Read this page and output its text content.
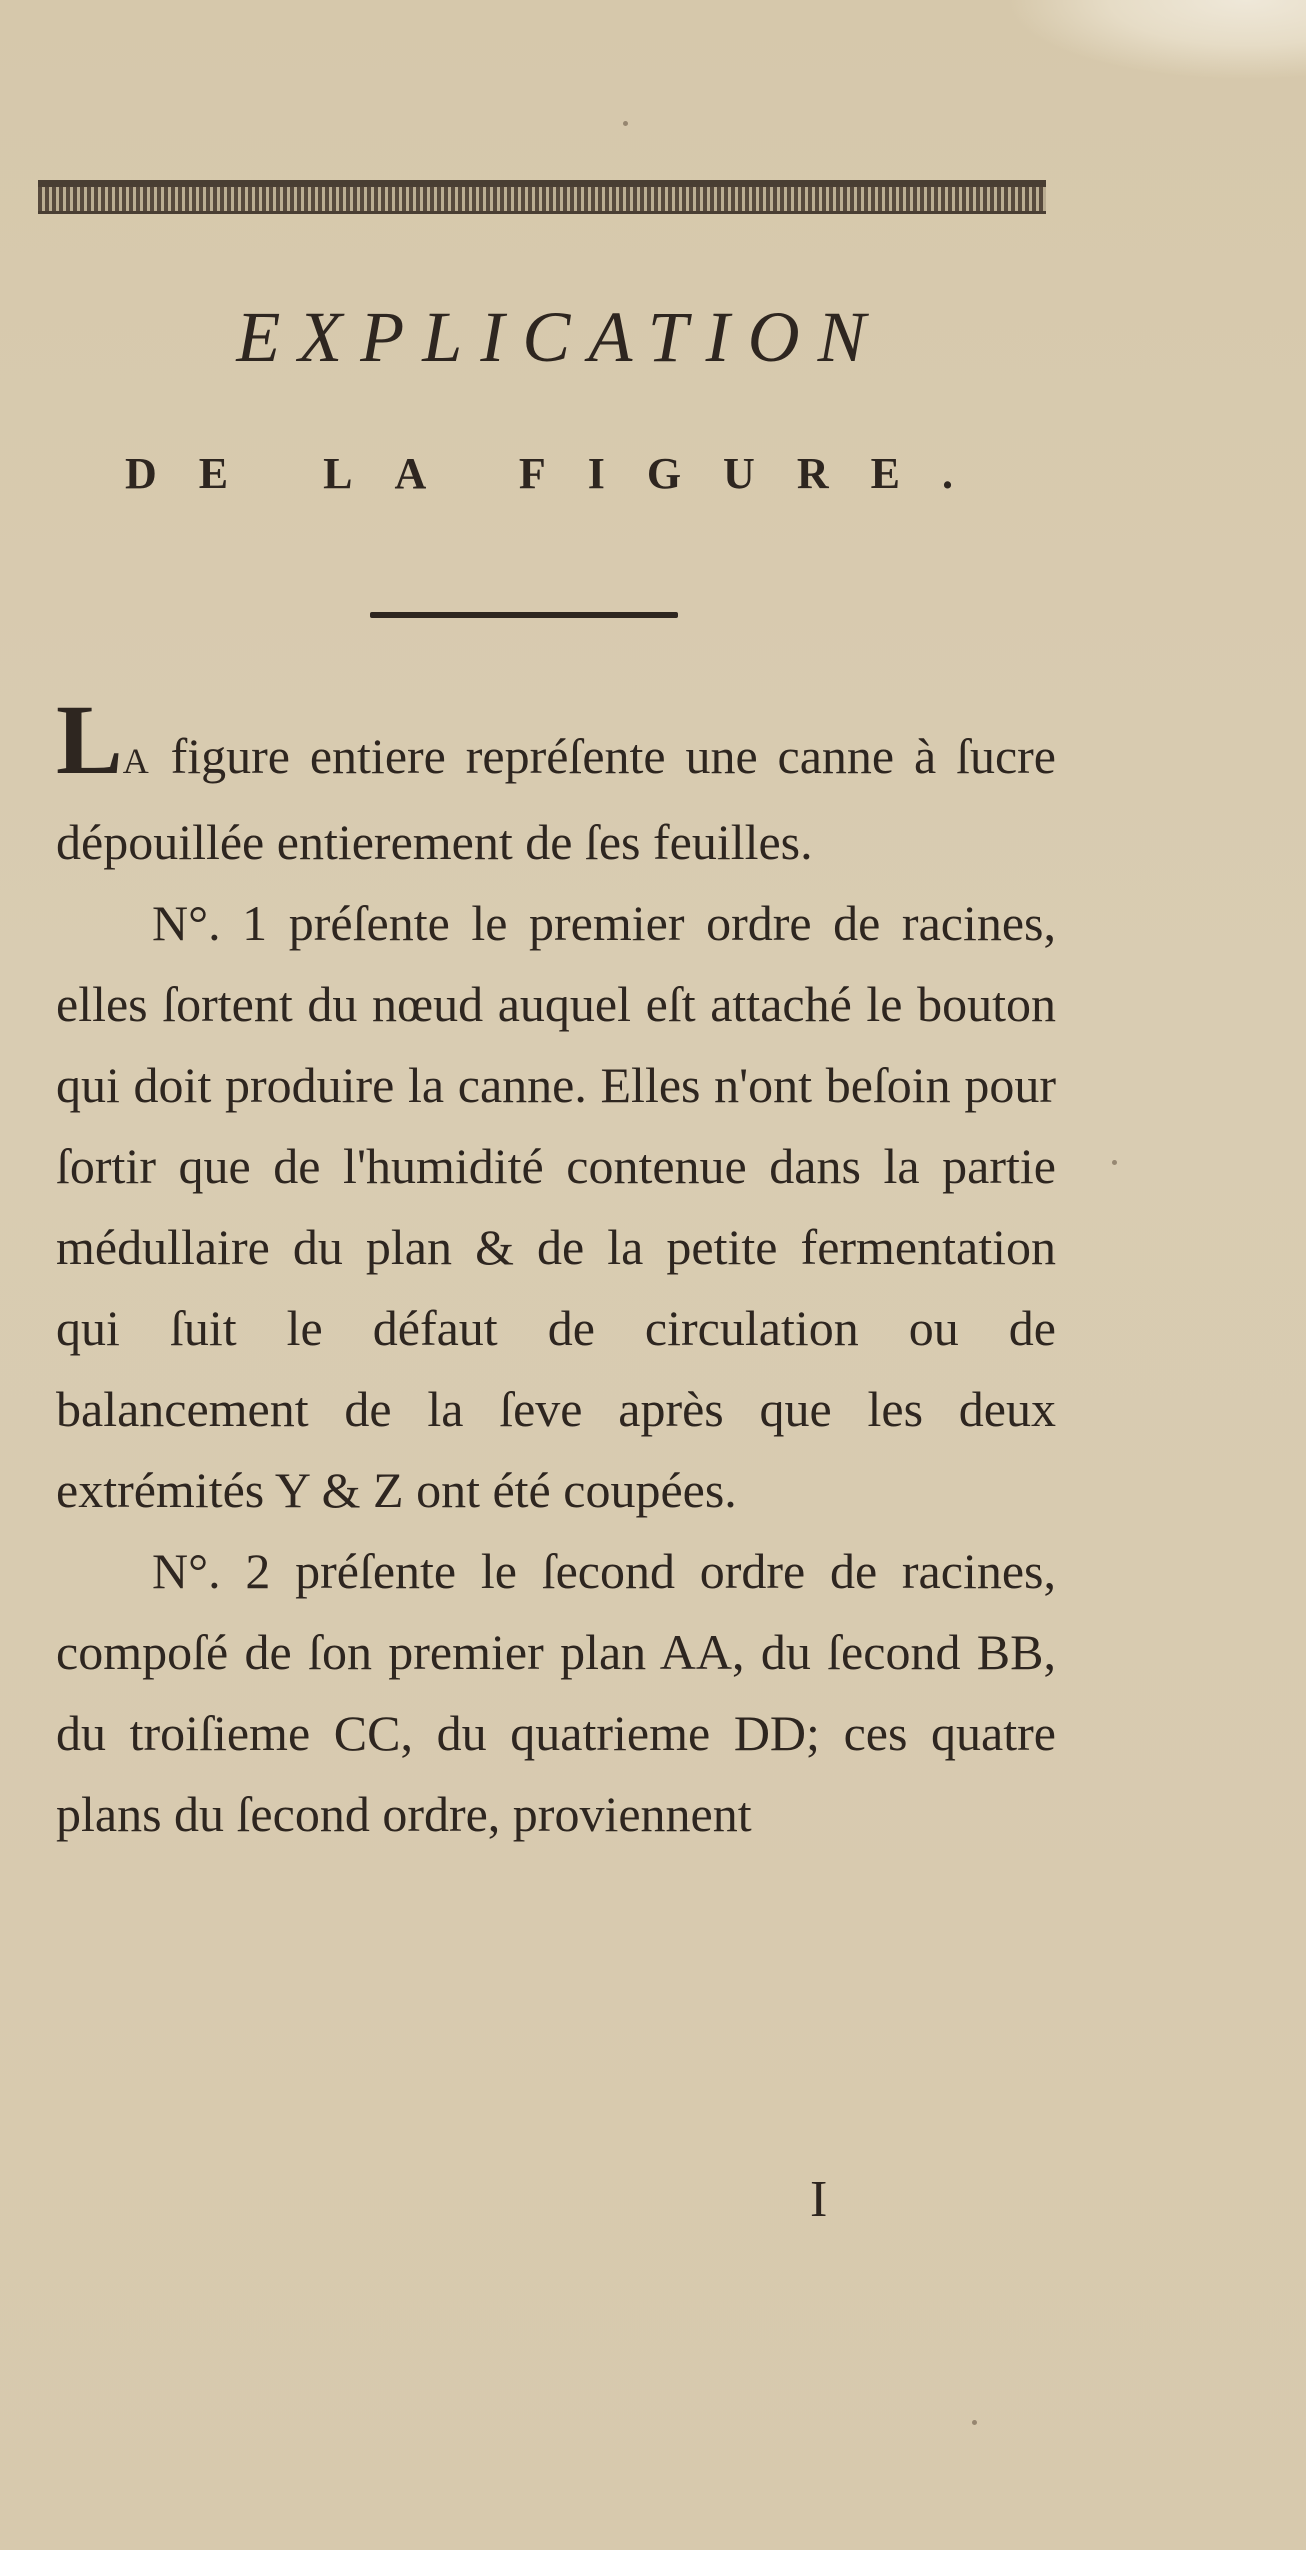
EXPLICATION
DE LA FIGURE.

LA figure entiere repréſente une canne à ſucre dépouillée entierement de ſes feuilles.

N°. 1 préſente le premier ordre de racines, elles ſortent du nœud auquel eſt attaché le bouton qui doit produire la canne. Elles n'ont beſoin pour ſortir que de l'humidité contenue dans la partie médullaire du plan & de la petite fermentation qui ſuit le défaut de circulation ou de balancement de la ſeve après que les deux extrémités Y & Z ont été coupées.

N°. 2 préſente le ſecond ordre de racines, compoſé de ſon premier plan AA, du ſecond BB, du troiſieme CC, du quatrieme DD; ces quatre plans du ſecond ordre, proviennent

I
